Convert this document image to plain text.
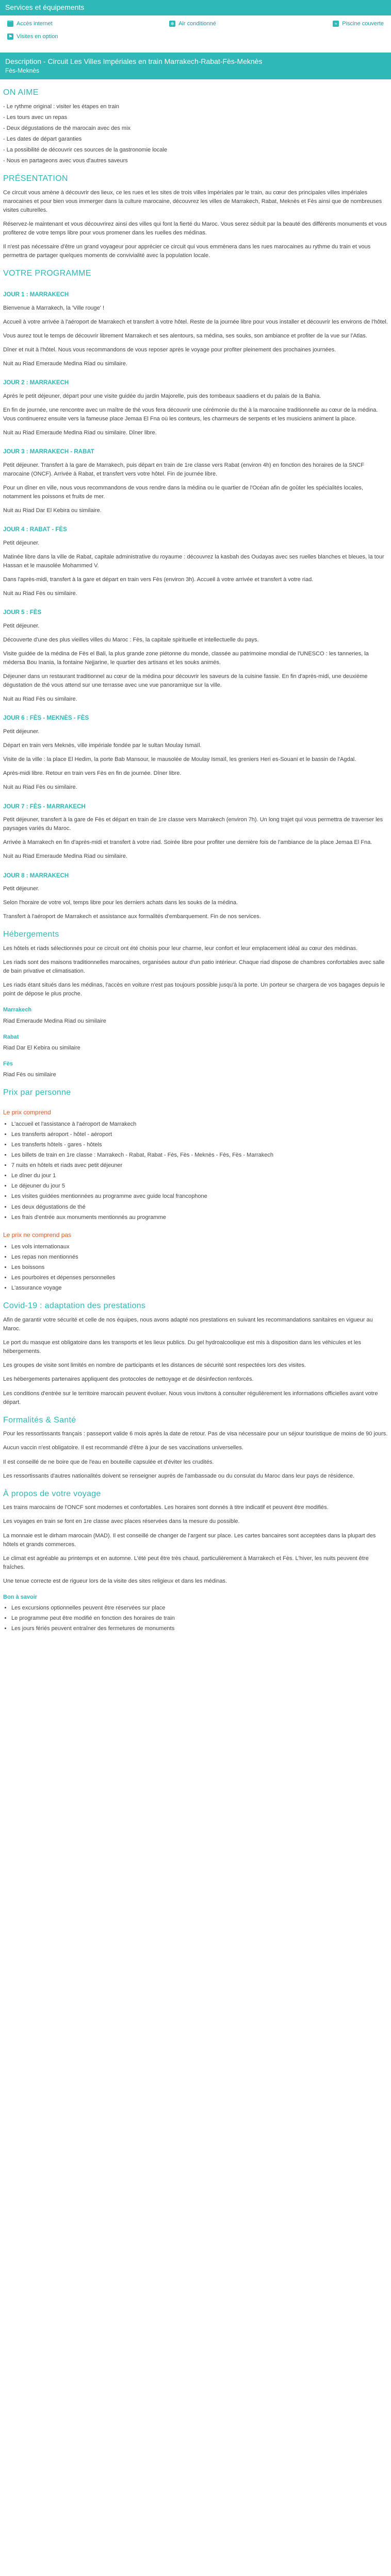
Services et équipements
⌒ Accès internet	❄ Air conditionné	≈ Piscine couverte
⚑ Visites en option
Description - Circuit Les Villes Impériales en train Marrakech-Rabat-Fès-Meknès
Fès-Meknès
ON AIME
- Le rythme original : visiter les étapes en train
- Les tours avec un repas
- Deux dégustations de thé marocain avec des mix
- Les dates de départ garanties
- La possibilité de découvrir ces sources de la gastronomie locale
- Nous en partageons avec vous d'autres saveurs
PRÉSENTATION

Ce circuit vous amène à découvrir des lieux, ce les rues et les sites de trois villes impériales par le train, au cœur des principales villes impériales marocaines et pour bien vous immerger dans la culture marocaine, découvrez les villes de Marrakech, Rabat, Meknès et Fès ainsi que de nombreuses visites culturelles.

Réservez-le maintenant et vous découvrirez ainsi des villes qui font la fierté du Maroc. Vous serez séduit par la beauté des différents monuments et vous profiterez de votre temps libre pour vous promener dans les ruelles des médinas.

Il n'est pas nécessaire d'être un grand voyageur pour apprécier ce circuit qui vous emmènera dans les rues marocaines au rythme du train et vous permettra de partager quelques moments de convivialité avec la population locale.

VOTRE PROGRAMME
JOUR 1 : MARRAKECH

Bienvenue à Marrakech, la 'Ville rouge' !

Accueil à votre arrivée à l'aéroport de Marrakech et transfert à votre hôtel. Reste de la journée libre pour vous installer et découvrir les environs de l'hôtel.

Vous aurez tout le temps de découvrir librement Marrakech et ses alentours, sa médina, ses souks, son ambiance et profiter de la vue sur l'Atlas.

Dîner et nuit à l'hôtel. Nous vous recommandons de vous reposer après le voyage pour profiter pleinement des prochaines journées.

Nuit au Riad Emeraude Medina Riad ou similaire.

JOUR 2 : MARRAKECH

Après le petit déjeuner, départ pour une visite guidée du jardin Majorelle, puis des tombeaux saadiens et du palais de la Bahia.

En fin de journée, une rencontre avec un maître de thé vous fera découvrir une cérémonie du thé à la marocaine traditionnelle au cœur de la médina. Vous continuerez ensuite vers la fameuse place Jemaa El Fna où les conteurs, les charmeurs de serpents et les musiciens animent la place.

Nuit au Riad Emeraude Medina Riad ou similaire. Dîner libre.

JOUR 3 : MARRAKECH - RABAT

Petit déjeuner. Transfert à la gare de Marrakech, puis départ en train de 1re classe vers Rabat (environ 4h) en fonction des horaires de la SNCF marocaine (ONCF). Arrivée à Rabat, et transfert vers votre hôtel. Fin de journée libre.

Pour un dîner en ville, nous vous recommandons de vous rendre dans la médina ou le quartier de l'Océan afin de goûter les spécialités locales, notamment les poissons et fruits de mer.

Nuit au Riad Dar El Kebira ou similaire.

JOUR 4 : RABAT - FÈS

Petit déjeuner.

Matinée libre dans la ville de Rabat, capitale administrative du royaume : découvrez la kasbah des Oudayas avec ses ruelles blanches et bleues, la tour Hassan et le mausolée Mohammed V.

Dans l'après-midi, transfert à la gare et départ en train vers Fès (environ 3h). Accueil à votre arrivée et transfert à votre riad.

Nuit au Riad Fès ou similaire.

JOUR 5 : FÈS

Petit déjeuner.

Découverte d'une des plus vieilles villes du Maroc : Fès, la capitale spirituelle et intellectuelle du pays.

Visite guidée de la médina de Fès el Bali, la plus grande zone piétonne du monde, classée au patrimoine mondial de l'UNESCO : les tanneries, la médersa Bou Inania, la fontaine Nejjarine, le quartier des artisans et les souks animés.

Déjeuner dans un restaurant traditionnel au cœur de la médina pour découvrir les saveurs de la cuisine fassie. En fin d'après-midi, une deuxième dégustation de thé vous attend sur une terrasse avec une vue panoramique sur la ville.

Nuit au Riad Fès ou similaire.

JOUR 6 : FÈS - MEKNÈS - FÈS

Petit déjeuner.

Départ en train vers Meknès, ville impériale fondée par le sultan Moulay Ismaïl.

Visite de la ville : la place El Hedim, la porte Bab Mansour, le mausolée de Moulay Ismaïl, les greniers Heri es-Souani et le bassin de l'Agdal.

Après-midi libre. Retour en train vers Fès en fin de journée. Dîner libre.

Nuit au Riad Fès ou similaire.

JOUR 7 : FÈS - MARRAKECH

Petit déjeuner, transfert à la gare de Fès et départ en train de 1re classe vers Marrakech (environ 7h). Un long trajet qui vous permettra de traverser les paysages variés du Maroc.

Arrivée à Marrakech en fin d'après-midi et transfert à votre riad. Soirée libre pour profiter une dernière fois de l'ambiance de la place Jemaa El Fna.

Nuit au Riad Emeraude Medina Riad ou similaire.

JOUR 8 : MARRAKECH

Petit déjeuner.

Selon l'horaire de votre vol, temps libre pour les derniers achats dans les souks de la médina.

Transfert à l'aéroport de Marrakech et assistance aux formalités d'embarquement. Fin de nos services.

Hébergements

Les hôtels et riads sélectionnés pour ce circuit ont été choisis pour leur charme, leur confort et leur emplacement idéal au cœur des médinas.

Les riads sont des maisons traditionnelles marocaines, organisées autour d'un patio intérieur. Chaque riad dispose de chambres confortables avec salle de bain privative et climatisation.

Les riads étant situés dans les médinas, l'accès en voiture n'est pas toujours possible jusqu'à la porte. Un porteur se chargera de vos bagages depuis le point de dépose le plus proche.

Marrakech

Riad Emeraude Medina Riad ou similaire

Rabat

Riad Dar El Kebira ou similaire

Fès

Riad Fès ou similaire

Prix par personne
Le prix comprend
• L'accueil et l'assistance à l'aéroport de Marrakech
• Les transferts aéroport - hôtel - aéroport
• Les transferts hôtels - gares - hôtels
• Les billets de train en 1re classe : Marrakech - Rabat, Rabat - Fès, Fès - Meknès - Fès, Fès - Marrakech
• 7 nuits en hôtels et riads avec petit déjeuner
• Le dîner du jour 1
• Le déjeuner du jour 5
• Les visites guidées mentionnées au programme avec guide local francophone
• Les deux dégustations de thé
• Les frais d'entrée aux monuments mentionnés au programme
Le prix ne comprend pas
• Les vols internationaux
• Les repas non mentionnés
• Les boissons
• Les pourboires et dépenses personnelles
• L'assurance voyage
Covid-19 : adaptation des prestations

Afin de garantir votre sécurité et celle de nos équipes, nous avons adapté nos prestations en suivant les recommandations sanitaires en vigueur au Maroc.

Le port du masque est obligatoire dans les transports et les lieux publics. Du gel hydroalcoolique est mis à disposition dans les véhicules et les hébergements.

Les groupes de visite sont limités en nombre de participants et les distances de sécurité sont respectées lors des visites.

Les hébergements partenaires appliquent des protocoles de nettoyage et de désinfection renforcés.

Les conditions d'entrée sur le territoire marocain peuvent évoluer. Nous vous invitons à consulter régulièrement les informations officielles avant votre départ.

Formalités & Santé

Pour les ressortissants français : passeport valide 6 mois après la date de retour. Pas de visa nécessaire pour un séjour touristique de moins de 90 jours.

Aucun vaccin n'est obligatoire. Il est recommandé d'être à jour de ses vaccinations universelles.

Il est conseillé de ne boire que de l'eau en bouteille capsulée et d'éviter les crudités.

Les ressortissants d'autres nationalités doivent se renseigner auprès de l'ambassade ou du consulat du Maroc dans leur pays de résidence.

À propos de votre voyage

Les trains marocains de l'ONCF sont modernes et confortables. Les horaires sont donnés à titre indicatif et peuvent être modifiés.

Les voyages en train se font en 1re classe avec places réservées dans la mesure du possible.

La monnaie est le dirham marocain (MAD). Il est conseillé de changer de l'argent sur place. Les cartes bancaires sont acceptées dans la plupart des hôtels et grands commerces.

Le climat est agréable au printemps et en automne. L'été peut être très chaud, particulièrement à Marrakech et Fès. L'hiver, les nuits peuvent être fraîches.

Une tenue correcte est de rigueur lors de la visite des sites religieux et dans les médinas.

Bon à savoir
• Les excursions optionnelles peuvent être réservées sur place
• Le programme peut être modifié en fonction des horaires de train
• Les jours fériés peuvent entraîner des fermetures de monuments
